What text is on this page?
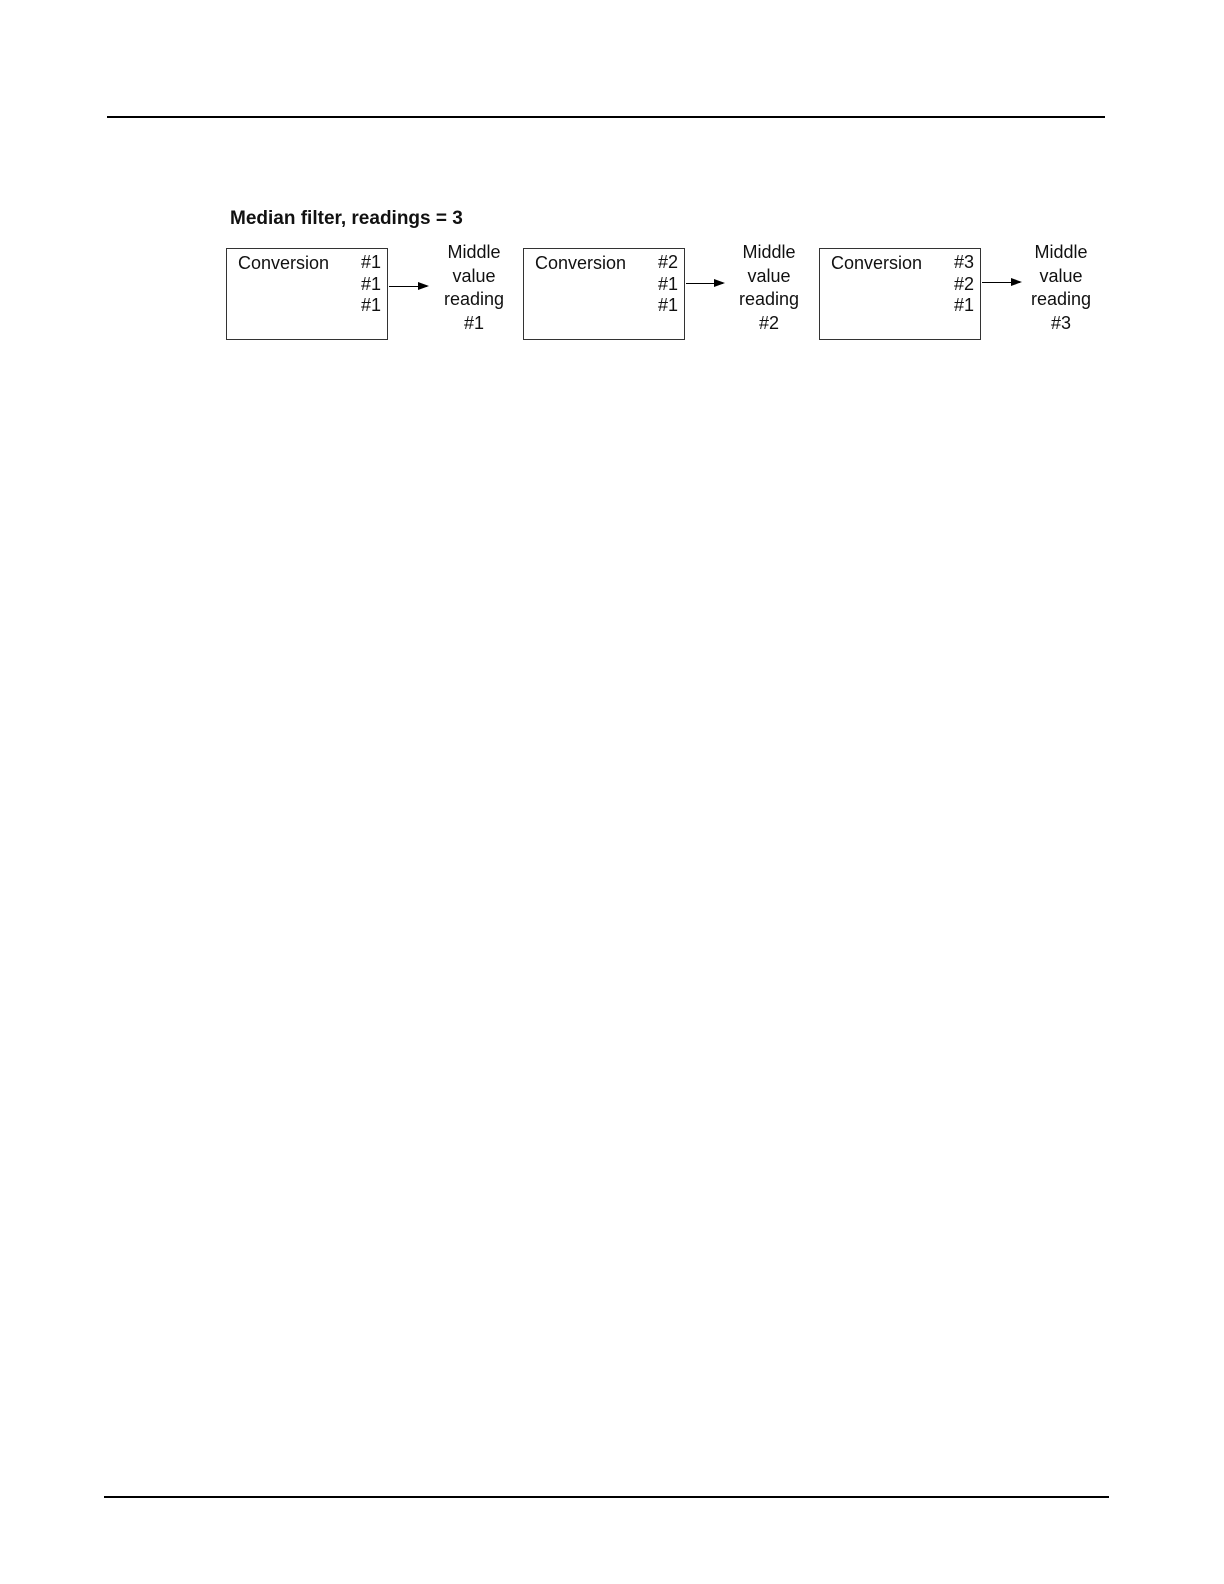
Median filter, readings = 3
Conversion #1
#1
#1
Middle
value
reading
#1
Conversion #2
#1
#1
Middle
value
reading
#2
Conversion #3
#2
#1
Middle
value
reading
#3
